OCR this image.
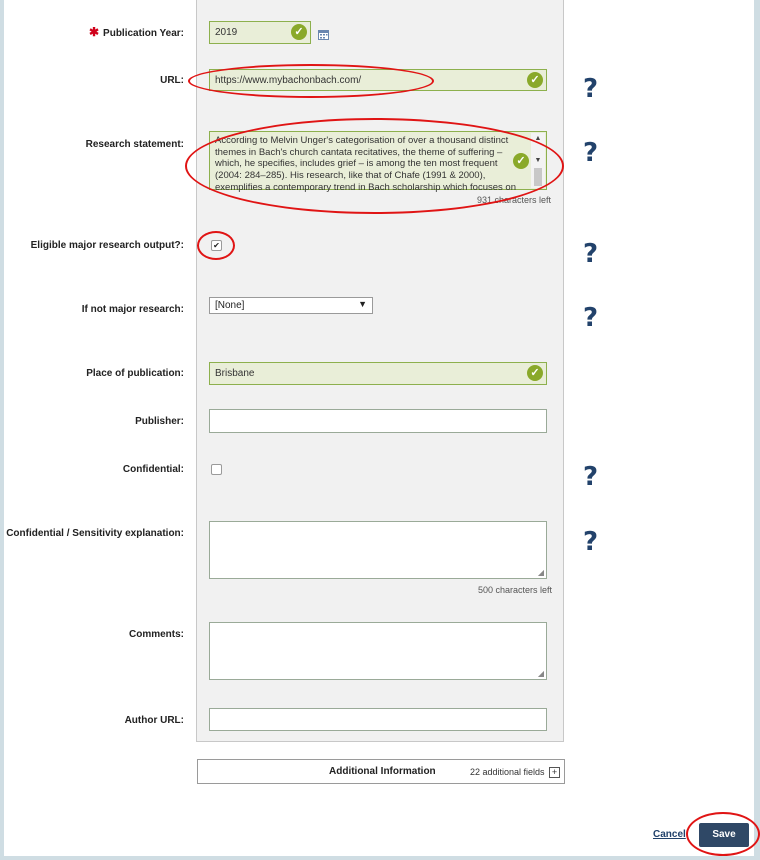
✱ Publication Year:	2019	✓
URL:	https://www.mybachonbach.com/	✓ ?
Research statement:	According to Melvin Unger's categorisation of over a thousand distinct themes in Bach's church cantata recitatives, the theme of suffering – which, he specifies, includes grief – is among the ten most frequent (2004: 284–285). His research, like that of Chafe (1991 & 2000), exemplifies a contemporary trend in Bach scholarship which focuses on
✓
▲
▼
931 characters left
?
Eligible major research output?:	✔	?
If not major research:	[None]	▼	?
Place of publication:	Brisbane	✓
Publisher:
Confidential:	?
Confidential / Sensitivity explanation:
◢
500 characters left
?
Comments:
◢
Author URL:
Additional Information	22 additional fields +
Cancel	Save
